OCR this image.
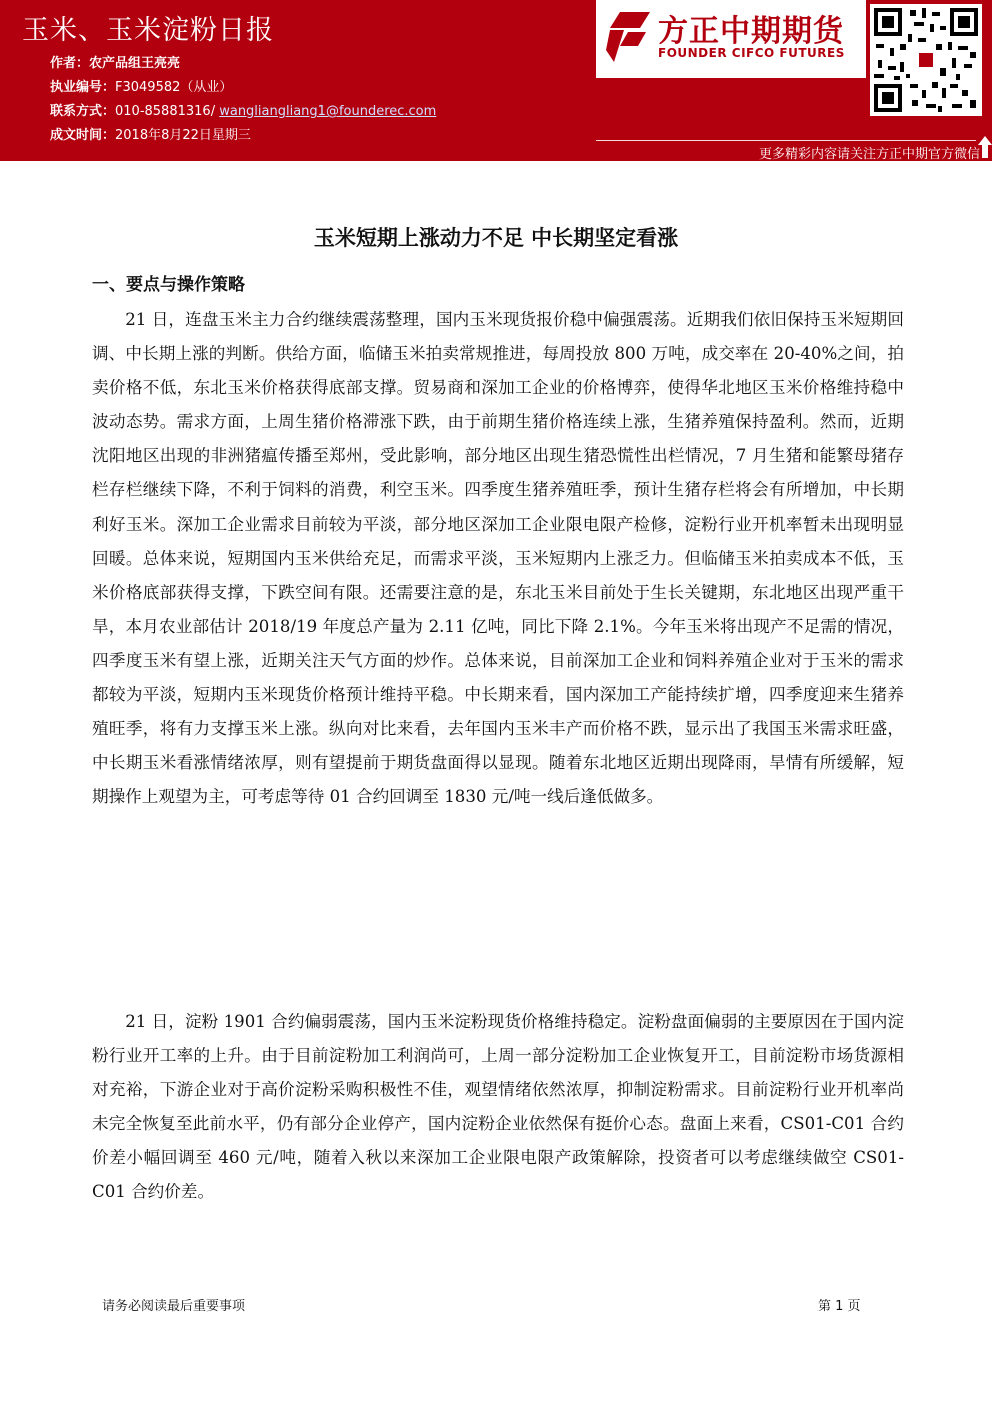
玉米、玉米淀粉日报
作者：农产品组王亮亮
执业编号：F3049582（从业）
联系方式：010-85881316/ wangliangliang1@founderec.com
成文时间：2018年8月22日星期三
方正中期期货
FOUNDER CIFCO FUTURES
更多精彩内容请关注方正中期官方微信
玉米短期上涨动力不足 中长期坚定看涨
一、要点与操作策略

21 日，连盘玉米主力合约继续震荡整理，国内玉米现货报价稳中偏强震荡。近期我们依旧保持玉米短期回调、中长期上涨的判断。供给方面，临储玉米拍卖常规推进，每周投放 800 万吨，成交率在 20-40%之间，拍卖价格不低，东北玉米价格获得底部支撑。贸易商和深加工企业的价格博弈，使得华北地区玉米价格维持稳中波动态势。需求方面，上周生猪价格滞涨下跌，由于前期生猪价格连续上涨，生猪养殖保持盈利。然而，近期沈阳地区出现的非洲猪瘟传播至郑州，受此影响，部分地区出现生猪恐慌性出栏情况，7 月生猪和能繁母猪存栏存栏继续下降，不利于饲料的消费，利空玉米。四季度生猪养殖旺季，预计生猪存栏将会有所增加，中长期利好玉米。深加工企业需求目前较为平淡，部分地区深加工企业限电限产检修，淀粉行业开机率暂未出现明显回暖。总体来说，短期国内玉米供给充足，而需求平淡，玉米短期内上涨乏力。但临储玉米拍卖成本不低，玉米价格底部获得支撑，下跌空间有限。还需要注意的是，东北玉米目前处于生长关键期，东北地区出现严重干旱，本月农业部估计 2018/19 年度总产量为 2.11 亿吨，同比下降 2.1%。今年玉米将出现产不足需的情况，四季度玉米有望上涨，近期关注天气方面的炒作。总体来说，目前深加工企业和饲料养殖企业对于玉米的需求都较为平淡，短期内玉米现货价格预计维持平稳。中长期来看，国内深加工产能持续扩增，四季度迎来生猪养殖旺季，将有力支撑玉米上涨。纵向对比来看，去年国内玉米丰产而价格不跌，显示出了我国玉米需求旺盛，中长期玉米看涨情绪浓厚，则有望提前于期货盘面得以显现。随着东北地区近期出现降雨，旱情有所缓解，短期操作上观望为主，可考虑等待 01 合约回调至 1830 元/吨一线后逢低做多。

21 日，淀粉 1901 合约偏弱震荡，国内玉米淀粉现货价格维持稳定。淀粉盘面偏弱的主要原因在于国内淀粉行业开工率的上升。由于目前淀粉加工利润尚可，上周一部分淀粉加工企业恢复开工，目前淀粉市场货源相对充裕，下游企业对于高价淀粉采购积极性不佳，观望情绪依然浓厚，抑制淀粉需求。目前淀粉行业开机率尚未完全恢复至此前水平，仍有部分企业停产，国内淀粉企业依然保有挺价心态。盘面上来看，CS01-C01 合约价差小幅回调至 460 元/吨，随着入秋以来深加工企业限电限产政策解除，投资者可以考虑继续做空 CS01-C01 合约价差。

请务必阅读最后重要事项	第 1 页
